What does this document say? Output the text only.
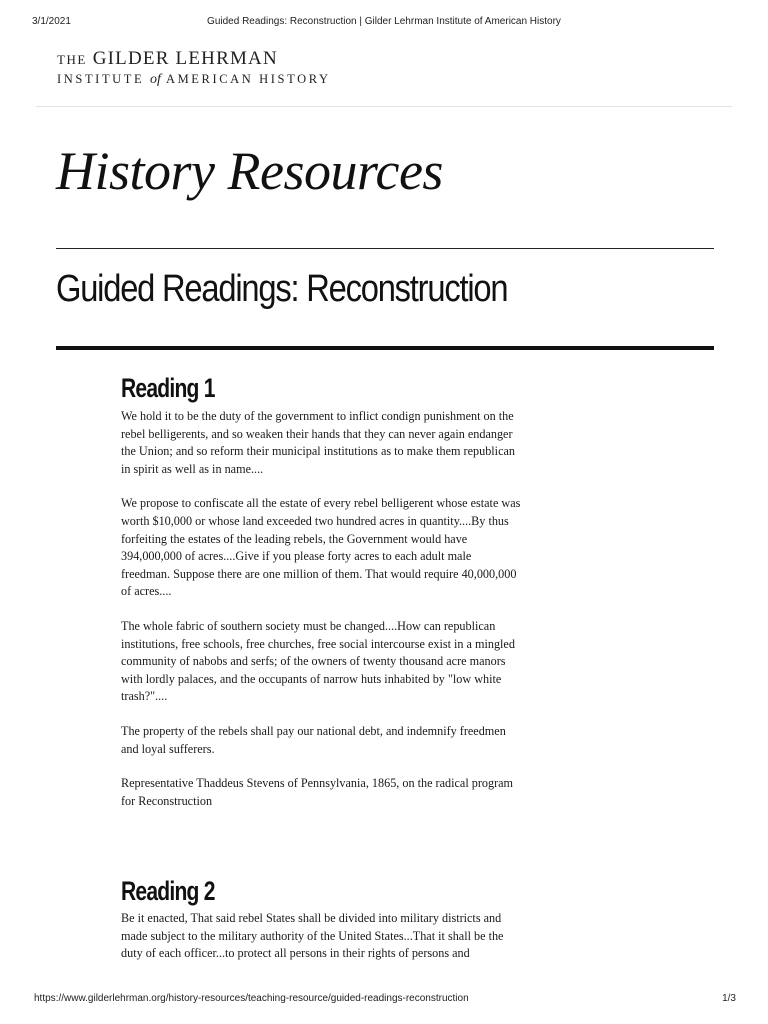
3/1/2021	Guided Readings: Reconstruction | Gilder Lehrman Institute of American History
THE GILDER LEHRMAN
INSTITUTE of AMERICAN HISTORY
History Resources
Guided Readings: Reconstruction
Reading 1

We hold it to be the duty of the government to inflict condign punishment on the rebel belligerents, and so weaken their hands that they can never again endanger the Union; and so reform their municipal institutions as to make them republican in spirit as well as in name....

We propose to confiscate all the estate of every rebel belligerent whose estate was worth $10,000 or whose land exceeded two hundred acres in quantity....By thus forfeiting the estates of the leading rebels, the Government would have 394,000,000 of acres....Give if you please forty acres to each adult male freedman. Suppose there are one million of them. That would require 40,000,000 of acres....

The whole fabric of southern society must be changed....How can republican institutions, free schools, free churches, free social intercourse exist in a mingled community of nabobs and serfs; of the owners of twenty thousand acre manors with lordly palaces, and the occupants of narrow huts inhabited by "low white trash?"....

The property of the rebels shall pay our national debt, and indemnify freedmen and loyal sufferers.

Representative Thaddeus Stevens of Pennsylvania, 1865, on the radical program for Reconstruction

Reading 2

Be it enacted, That said rebel States shall be divided into military districts and made subject to the military authority of the United States...That it shall be the duty of each officer...to protect all persons in their rights of persons and

https://www.gilderlehrman.org/history-resources/teaching-resource/guided-readings-reconstruction	1/3
